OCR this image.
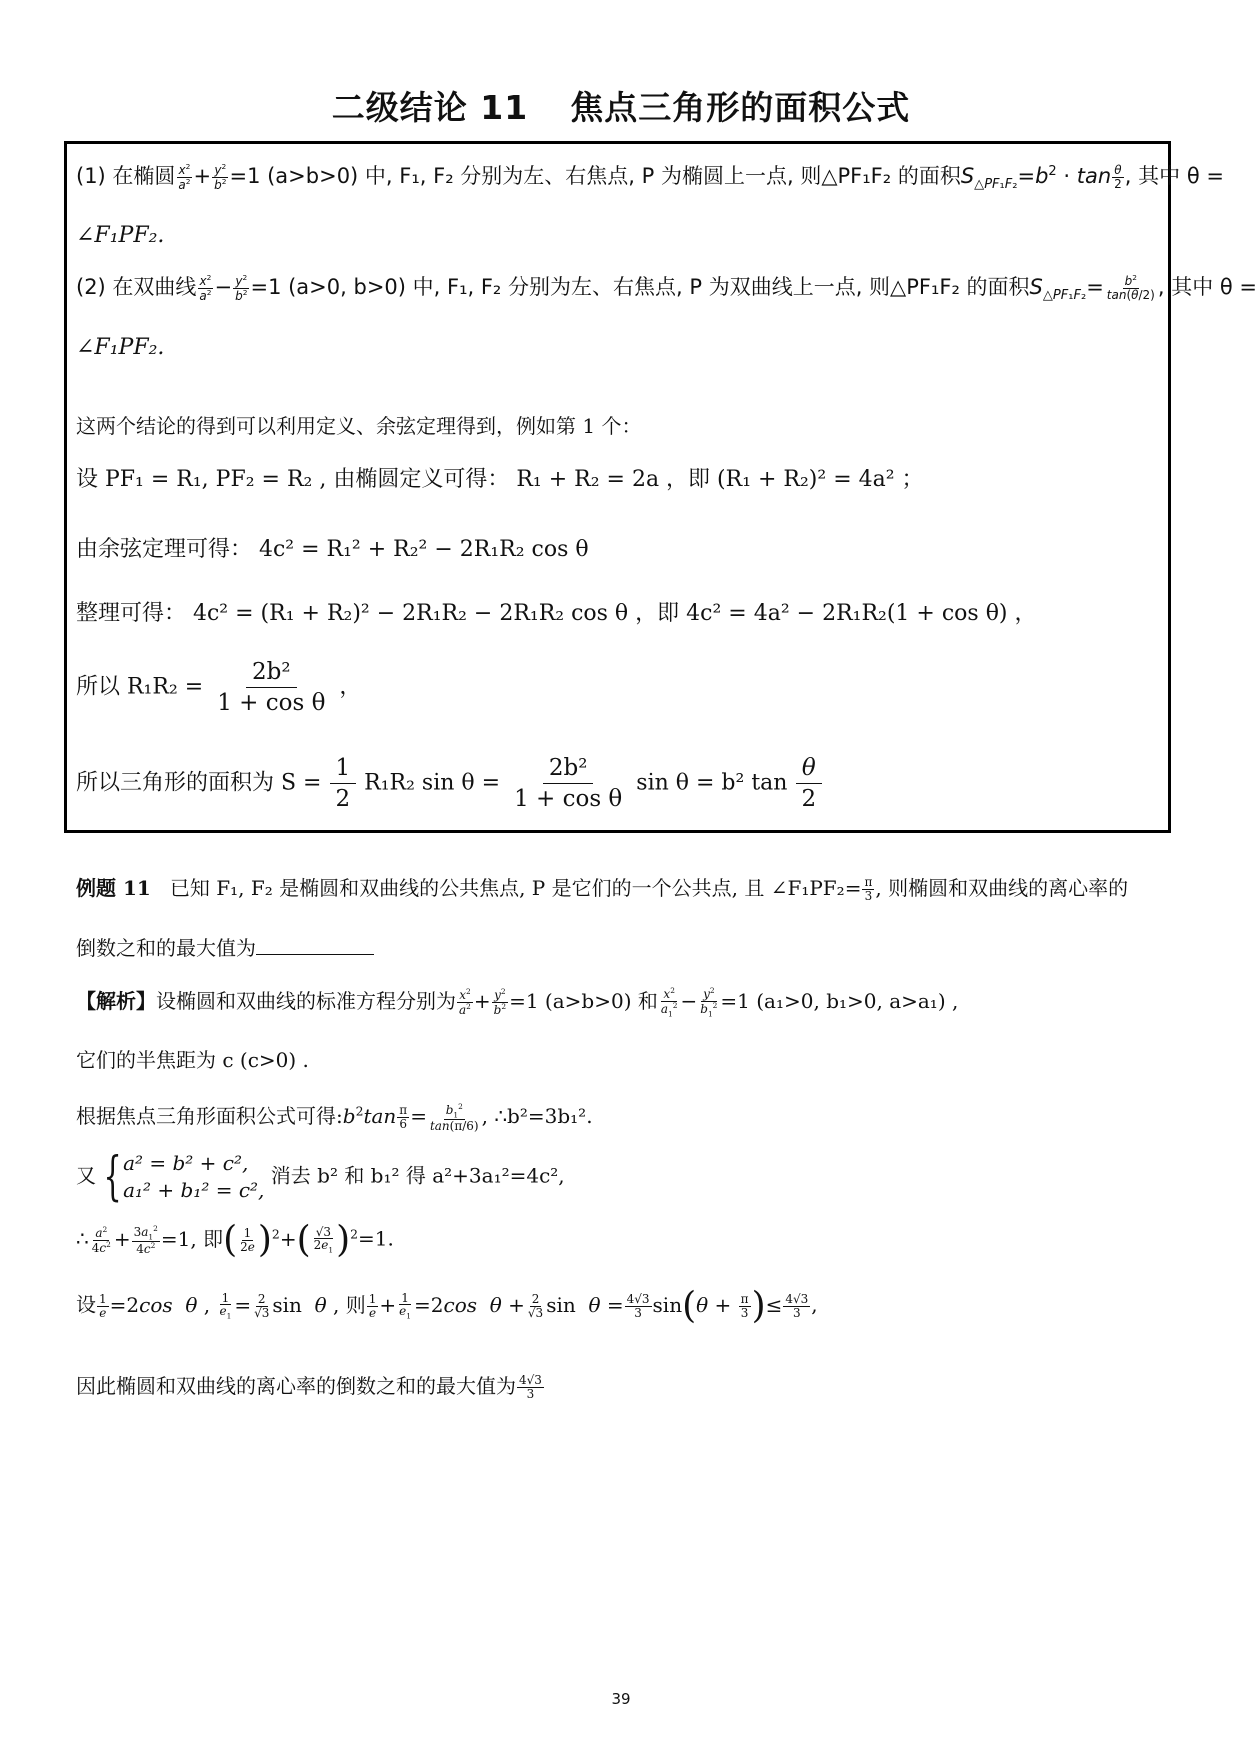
二级结论 11 焦点三角形的面积公式
(1) 在椭圆 $\frac{x^2}{a^2} + \frac{y^2}{b^2} =1$ (a>b>0) 中, F₁, F₂ 分别为左、右焦点, P 为椭圆上一点, 则△PF₁F₂ 的面积$S_{\triangle PF_1F_2}=b^2 \cdot \tan \frac{\theta}{2}$ , 其中 θ =
∠F₁PF₂.
(2) 在双曲线 $\frac{x^2}{a^2} - \frac{y^2}{b^2} =1$ (a>0, b>0) 中, F₁, F₂ 分别为左、右焦点, P 为双曲线上一点, 则△PF₁F₂ 的面积$S_{\triangle PF_1F_2}= \frac{b^2}{\tan(\theta/2)}$ , 其中 θ =
∠F₁PF₂.
这两个结论的得到可以利用定义、余弦定理得到，例如第 1 个：
设 PF₁ = R₁, PF₂ = R₂ , 由椭圆定义可得： R₁ + R₂ = 2a ，即 (R₁ + R₂)² = 4a² ；
由余弦定理可得： 4c² = R₁² + R₂² − 2R₁R₂ cos θ
整理可得： 4c² = (R₁ + R₂)² − 2R₁R₂ − 2R₁R₂ cos θ ，即 4c² = 4a² − 2R₁R₂(1 + cos θ) ，
所以 $R_1R_2 = \frac{\text{2b²}}{\text{1 + cos θ}}$ ，
所以三角形的面积为 $S = \frac{1}{2} R_1R_2$ $\sin \theta = \frac{\text{2b²}}{\text{1 + cos θ}}$ sin θ = b² $\tan \frac{\theta}{2}$
例题 11 已知 F₁, F₂ 是椭圆和双曲线的公共焦点, P 是它们的一个公共点, 且 ∠F₁PF₂= $\frac{\pi}{3}$ , 则椭圆和双曲线的离心率的
倒数之和的最大值为
【解析】设椭圆和双曲线的标准方程分别为 $\frac{x^2}{a^2} + \frac{y^2}{b^2} =1$ (a>b>0) 和 $\frac{x^2}{a_1^2} - \frac{y^2}{b_1^2} =1$ (a₁>0, b₁>0, a>a₁) ,
它们的半焦距为 c (c>0) .
根据焦点三角形面积公式可得$:b^2\tan \frac{\pi}{6} = \frac{b_1^2}{\tan(\pi/6)}$ , ∴b²=3b₁².
又 { a² = b² + c²,
a₁² + b₁² = c²,
消去 b² 和 b₁² 得 a²+3a₁²=4c²,
∴ $\frac{a^2}{4c^2} + \frac{3a_1^2}{4c^2} =1$, 即( $\frac{1}{2e} )^2+( \frac{√3}{2e_1} )^2=1$.
设 $\frac{1}{e} =2\cos$ θ , $\frac{1}{e_1} = \frac{2}{√3}$ sin  θ , 则 $\frac{1}{e} + \frac{1}{e_1} =2\cos$ $\theta + \frac{2}{√3}$ $\sin \theta = \frac{4√3}{3} \sin(\theta + \frac{\pi}{3}$ )≤ $\frac{4√3}{3}$ ,
因此椭圆和双曲线的离心率的倒数之和的最大值为 $\frac{4√3}{3}$
39
